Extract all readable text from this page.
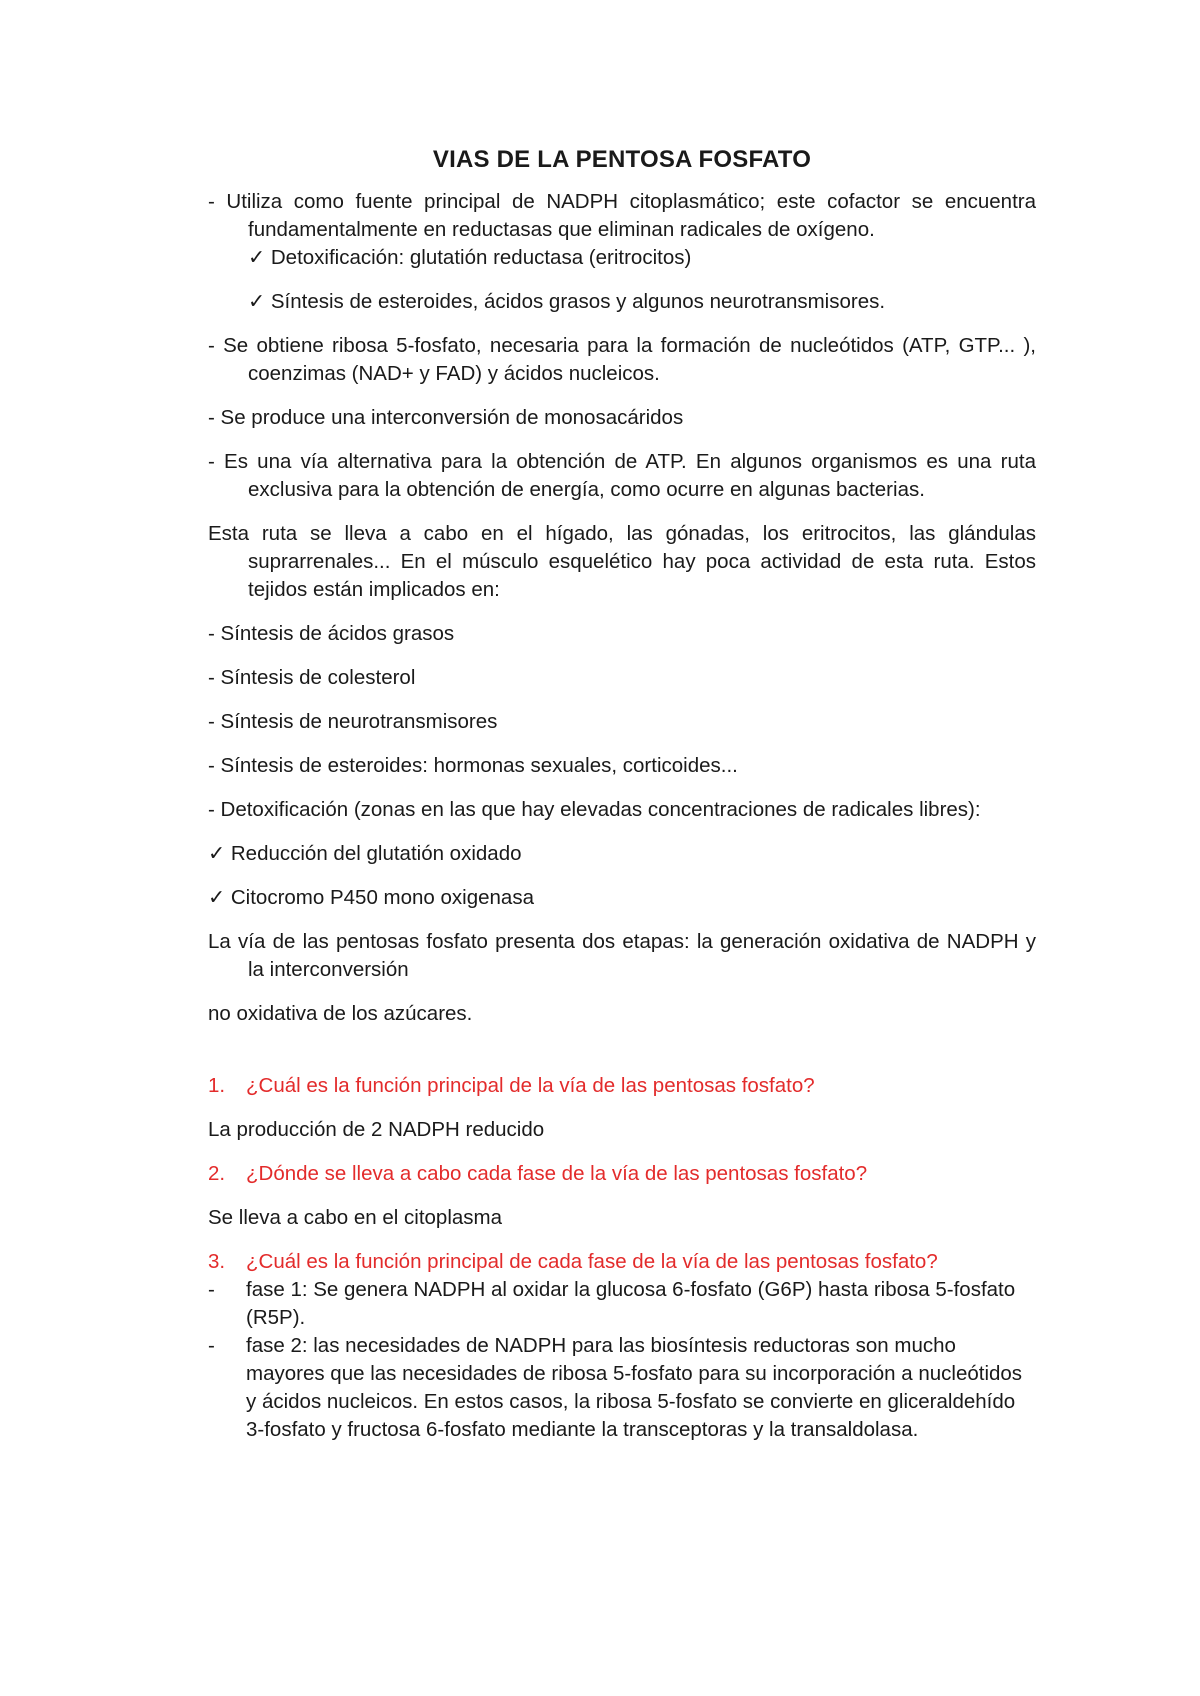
VIAS DE LA PENTOSA FOSFATO
- Utiliza como fuente principal de NADPH citoplasmático; este cofactor se encuentra fundamentalmente en reductasas que eliminan radicales de oxígeno.
✓ Detoxificación: glutatión reductasa (eritrocitos)
✓ Síntesis de esteroides, ácidos grasos y algunos neurotransmisores.
- Se obtiene ribosa 5-fosfato, necesaria para la formación de nucleótidos (ATP, GTP... ), coenzimas (NAD+ y FAD) y ácidos nucleicos.
- Se produce una interconversión de monosacáridos
- Es una vía alternativa para la obtención de ATP. En algunos organismos es una ruta exclusiva para la obtención de energía, como ocurre en algunas bacterias.
Esta ruta se lleva a cabo en el hígado, las gónadas, los eritrocitos, las glándulas suprarrenales... En el músculo esquelético hay poca actividad de esta ruta. Estos tejidos están implicados en:
- Síntesis de ácidos grasos
- Síntesis de colesterol
- Síntesis de neurotransmisores
- Síntesis de esteroides: hormonas sexuales, corticoides...
- Detoxificación (zonas en las que hay elevadas concentraciones de radicales libres):
✓ Reducción del glutatión oxidado
✓ Citocromo P450 mono oxigenasa
La vía de las pentosas fosfato presenta dos etapas: la generación oxidativa de NADPH y la interconversión
no oxidativa de los azúcares.
1.	¿Cuál es la función principal de la vía de las pentosas fosfato?
La producción de 2 NADPH reducido
2.	¿Dónde se lleva a cabo cada fase de la vía de las pentosas fosfato?
Se lleva a cabo en el citoplasma
3.	¿Cuál es la función principal de cada fase de la vía de las pentosas fosfato?
-	fase 1: Se genera NADPH al oxidar la glucosa 6-fosfato (G6P) hasta ribosa 5-fosfato (R5P).
-	fase 2: las necesidades de NADPH para las biosíntesis reductoras son mucho mayores que las necesidades de ribosa 5-fosfato para su incorporación a nucleótidos y ácidos nucleicos. En estos casos, la ribosa 5-fosfato se convierte en gliceraldehído 3-fosfato y fructosa 6-fosfato mediante la transceptoras y la transaldolasa.
